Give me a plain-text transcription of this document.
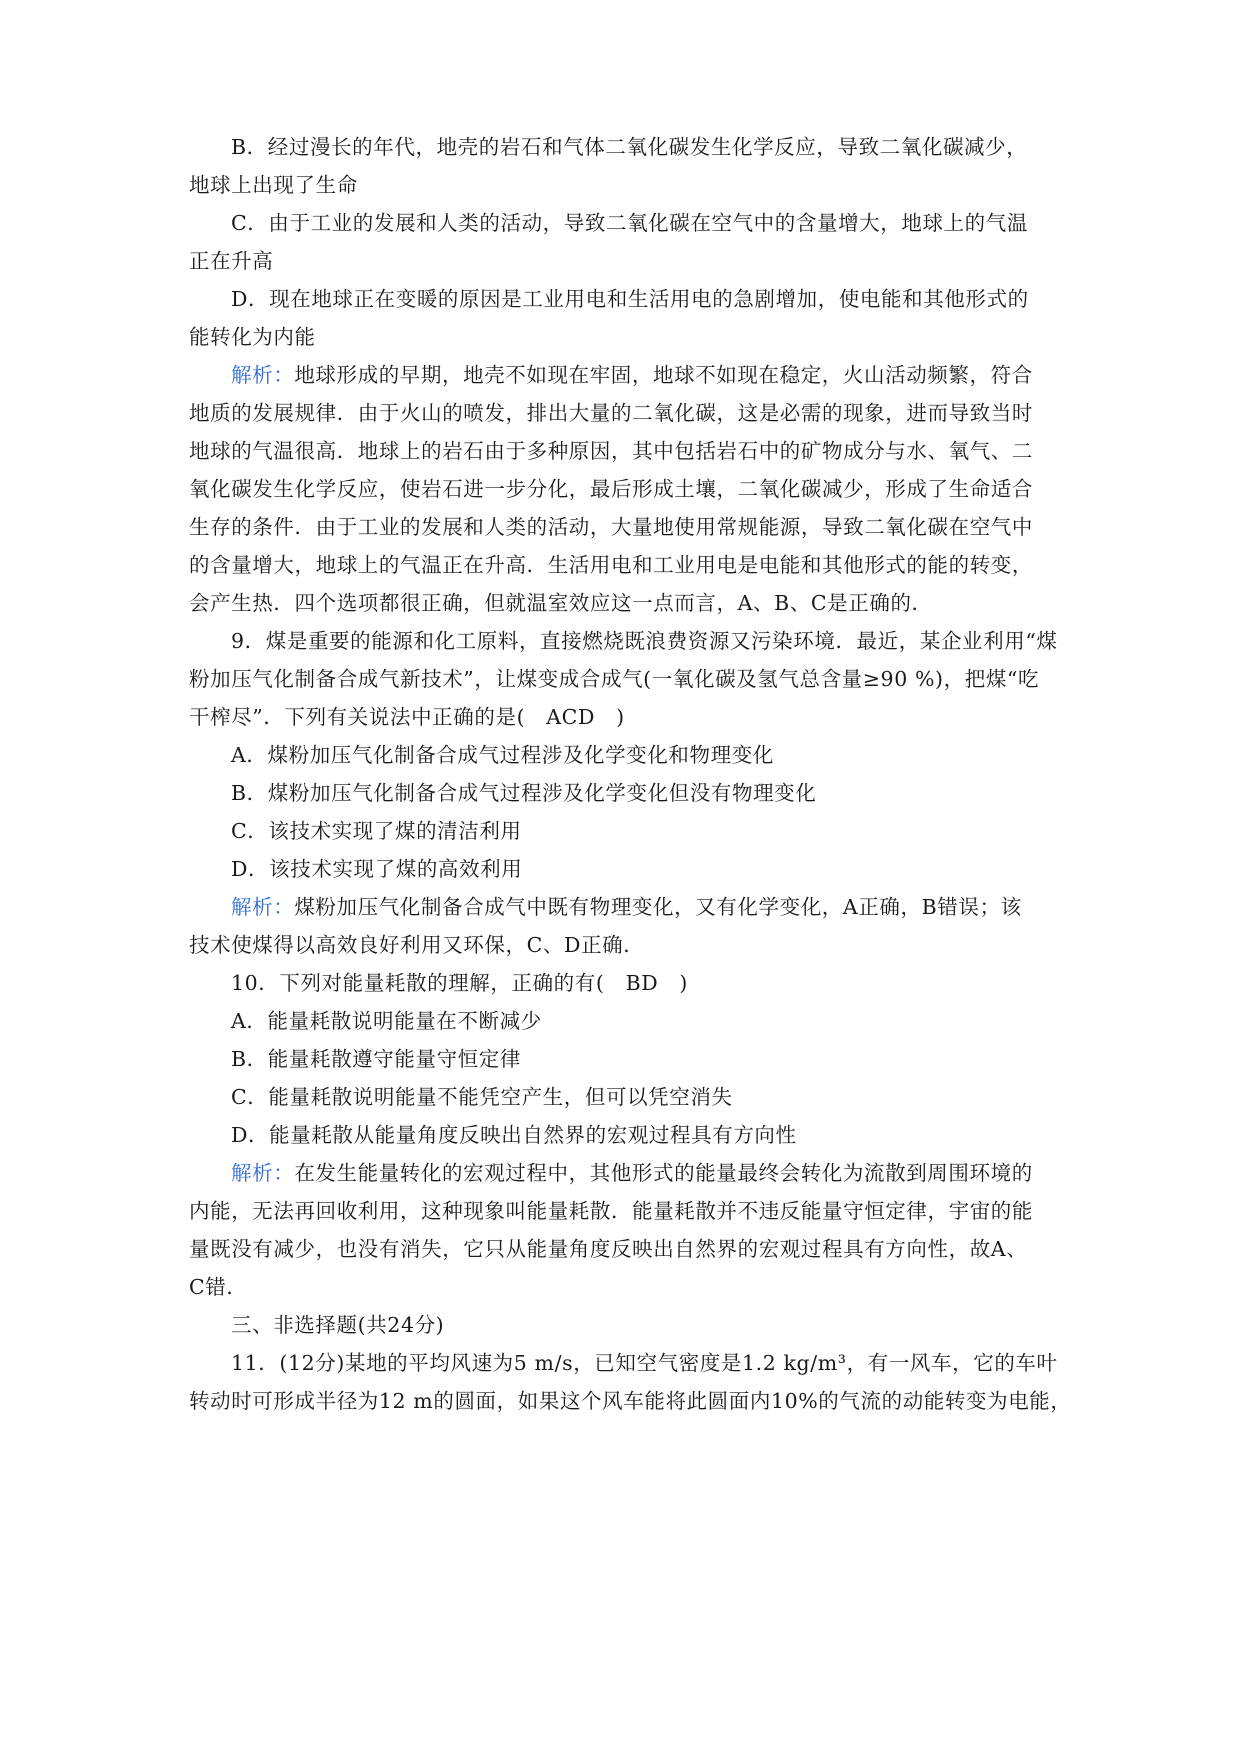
B．经过漫长的年代，地壳的岩石和气体二氧化碳发生化学反应，导致二氧化碳减少，
地球上出现了生命
C．由于工业的发展和人类的活动，导致二氧化碳在空气中的含量增大，地球上的气温
正在升高
D．现在地球正在变暖的原因是工业用电和生活用电的急剧增加，使电能和其他形式的
能转化为内能
解析：地球形成的早期，地壳不如现在牢固，地球不如现在稳定，火山活动频繁，符合
地质的发展规律．由于火山的喷发，排出大量的二氧化碳，这是必需的现象，进而导致当时
地球的气温很高．地球上的岩石由于多种原因，其中包括岩石中的矿物成分与水、氧气、二
氧化碳发生化学反应，使岩石进一步分化，最后形成土壤，二氧化碳减少，形成了生命适合
生存的条件．由于工业的发展和人类的活动，大量地使用常规能源，导致二氧化碳在空气中
的含量增大，地球上的气温正在升高．生活用电和工业用电是电能和其他形式的能的转变，
会产生热．四个选项都很正确，但就温室效应这一点而言，A、B、C是正确的．
9．煤是重要的能源和化工原料，直接燃烧既浪费资源又污染环境．最近，某企业利用“煤
粉加压气化制备合成气新技术”，让煤变成合成气(一氧化碳及氢气总含量≥90 %)，把煤“吃
干榨尽”．下列有关说法中正确的是(　ACD　)
A．煤粉加压气化制备合成气过程涉及化学变化和物理变化
B．煤粉加压气化制备合成气过程涉及化学变化但没有物理变化
C．该技术实现了煤的清洁利用
D．该技术实现了煤的高效利用
解析：煤粉加压气化制备合成气中既有物理变化，又有化学变化，A正确，B错误；该
技术使煤得以高效良好利用又环保，C、D正确．
10．下列对能量耗散的理解，正确的有(　BD　)
A．能量耗散说明能量在不断减少
B．能量耗散遵守能量守恒定律
C．能量耗散说明能量不能凭空产生，但可以凭空消失
D．能量耗散从能量角度反映出自然界的宏观过程具有方向性
解析：在发生能量转化的宏观过程中，其他形式的能量最终会转化为流散到周围环境的
内能，无法再回收利用，这种现象叫能量耗散．能量耗散并不违反能量守恒定律，宇宙的能
量既没有减少，也没有消失，它只从能量角度反映出自然界的宏观过程具有方向性，故A、
C错．
三、非选择题(共24分)
11．(12分)某地的平均风速为5 m/s，已知空气密度是1.2 kg/m³，有一风车，它的车叶
转动时可形成半径为12 m的圆面，如果这个风车能将此圆面内10%的气流的动能转变为电能，
